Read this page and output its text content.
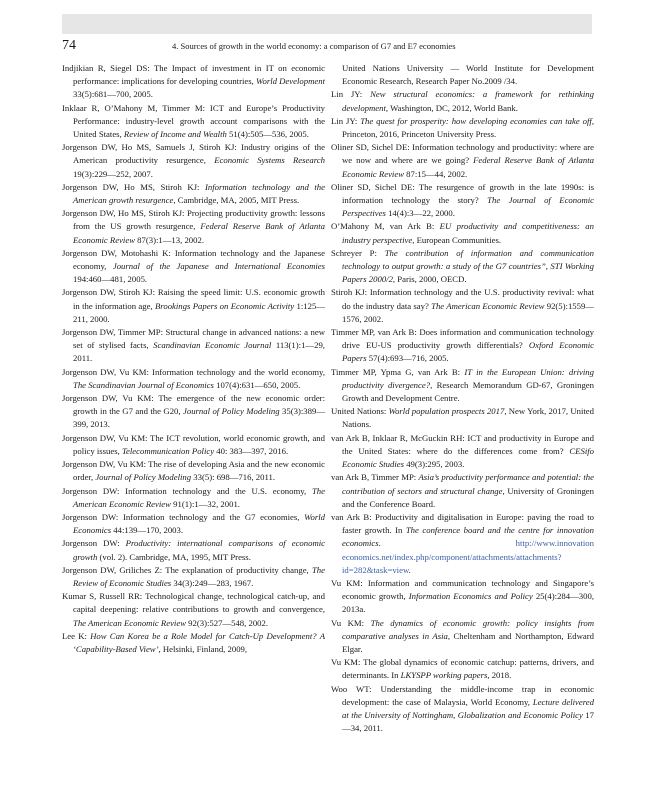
74	4. Sources of growth in the world economy: a comparison of G7 and E7 economies

Indjikian R, Siegel DS: The Impact of investment in IT on economic performance: implications for developing countries, World Development 33(5):681—700, 2005.

Inklaar R, O’Mahony M, Timmer M: ICT and Europe’s Productivity Performance: industry-level growth account comparisons with the United States, Review of Income and Wealth 51(4):505—536, 2005.

Jorgenson DW, Ho MS, Samuels J, Stiroh KJ: Industry origins of the American productivity resurgence, Economic Systems Research 19(3):229—252, 2007.

Jorgenson DW, Ho MS, Stiroh KJ: Information technology and the American growth resurgence, Cambridge, MA, 2005, MIT Press.

Jorgenson DW, Ho MS, Stiroh KJ: Projecting productivity growth: lessons from the US growth resurgence, Federal Reserve Bank of Atlanta Economic Review 87(3):1—13, 2002.

Jorgenson DW, Motohashi K: Information technology and the Japanese economy, Journal of the Japanese and International Economies 194:460—481, 2005.

Jorgenson DW, Stiroh KJ: Raising the speed limit: U.S. economic growth in the information age, Brookings Papers on Economic Activity 1:125—211, 2000.

Jorgenson DW, Timmer MP: Structural change in advanced nations: a new set of stylised facts, Scandinavian Economic Journal 113(1):1—29, 2011.

Jorgenson DW, Vu KM: Information technology and the world economy, The Scandinavian Journal of Economics 107(4):631—650, 2005.

Jorgenson DW, Vu KM: The emergence of the new economic order: growth in the G7 and the G20, Journal of Policy Modeling 35(3):389—399, 2013.

Jorgenson DW, Vu KM: The ICT revolution, world economic growth, and policy issues, Telecommunication Policy 40: 383—397, 2016.

Jorgenson DW, Vu KM: The rise of developing Asia and the new economic order, Journal of Policy Modeling 33(5): 698—716, 2011.

Jorgenson DW: Information technology and the U.S. economy, The American Economic Review 91(1):1—32, 2001.

Jorgenson DW: Information technology and the G7 economies, World Economics 44:139—170, 2003.

Jorgenson DW: Productivity: international comparisons of economic growth (vol. 2). Cambridge, MA, 1995, MIT Press.

Jorgenson DW, Griliches Z: The explanation of productivity change, The Review of Economic Studies 34(3):249—283, 1967.

Kumar S, Russell RR: Technological change, technological catch-up, and capital deepening: relative contributions to growth and convergence, The American Economic Review 92(3):527—548, 2002.

Lee K: How Can Korea be a Role Model for Catch-Up Development? A ‘Capability-Based View’, Helsinki, Finland, 2009,

United Nations University — World Institute for Development Economic Research, Research Paper No.2009 /34.

Lin JY: New structural economics: a framework for rethinking development, Washington, DC, 2012, World Bank.

Lin JY: The quest for prosperity: how developing economies can take off, Princeton, 2016, Princeton University Press.

Oliner SD, Sichel DE: Information technology and productivity: where are we now and where are we going? Federal Reserve Bank of Atlanta Economic Review 87:15—44, 2002.

Oliner SD, Sichel DE: The resurgence of growth in the late 1990s: is information technology the story? The Journal of Economic Perspectives 14(4):3—22, 2000.

O’Mahony M, van Ark B: EU productivity and competitiveness: an industry perspective, European Communities.

Schreyer P: The contribution of information and communication technology to output growth: a study of the G7 countries”, STI Working Papers 2000/2, Paris, 2000, OECD.

Stiroh KJ: Information technology and the U.S. productivity revival: what do the industry data say? The American Economic Review 92(5):1559—1576, 2002.

Timmer MP, van Ark B: Does information and communication technology drive EU-US productivity growth differentials? Oxford Economic Papers 57(4):693—716, 2005.

Timmer MP, Ypma G, van Ark B: IT in the European Union: driving productivity divergence?, Research Memorandum GD-67, Groningen Growth and Development Centre.

United Nations: World population prospects 2017, New York, 2017, United Nations.

van Ark B, Inklaar R, McGuckin RH: ICT and productivity in Europe and the United States: where do the differences come from? CESifo Economic Studies 49(3):295, 2003.

van Ark B, Timmer MP: Asia’s productivity performance and potential: the contribution of sectors and structural change, University of Groningen and the Conference Board.

van Ark B: Productivity and digitalisation in Europe: paving the road to faster growth. In The conference board and the centre for innovation economics. http://www.innovation economics.net/index.php/component/attachments/attachments?id=282&task=view.

Vu KM: Information and communication technology and Singapore’s economic growth, Information Economics and Policy 25(4):284—300, 2013a.

Vu KM: The dynamics of economic growth: policy insights from comparative analyses in Asia, Cheltenham and Northampton, Edward Elgar.

Vu KM: The global dynamics of economic catchup: patterns, drivers, and determinants. In LKYSPP working papers, 2018.

Woo WT: Understanding the middle-income trap in economic development: the case of Malaysia, World Economy, Lecture delivered at the University of Nottingham, Globalization and Economic Policy 17—34, 2011.
